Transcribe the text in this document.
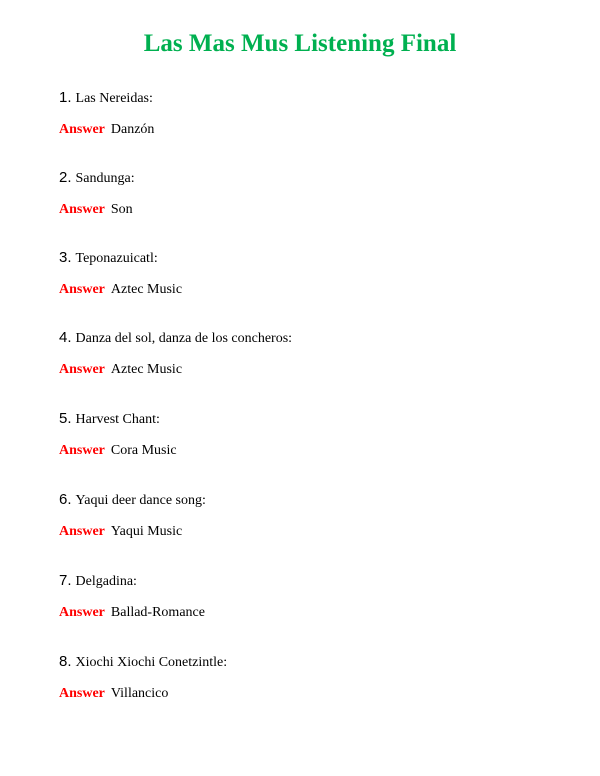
Las Mas Mus Listening Final
1. Las Nereidas:
Answer Danzón
2. Sandunga:
Answer Son
3. Teponazuicatl:
Answer Aztec Music
4. Danza del sol, danza de los concheros:
Answer Aztec Music
5. Harvest Chant:
Answer Cora Music
6. Yaqui deer dance song:
Answer Yaqui Music
7. Delgadina:
Answer Ballad-Romance
8. Xiochi Xiochi Conetzintle:
Answer Villancico
